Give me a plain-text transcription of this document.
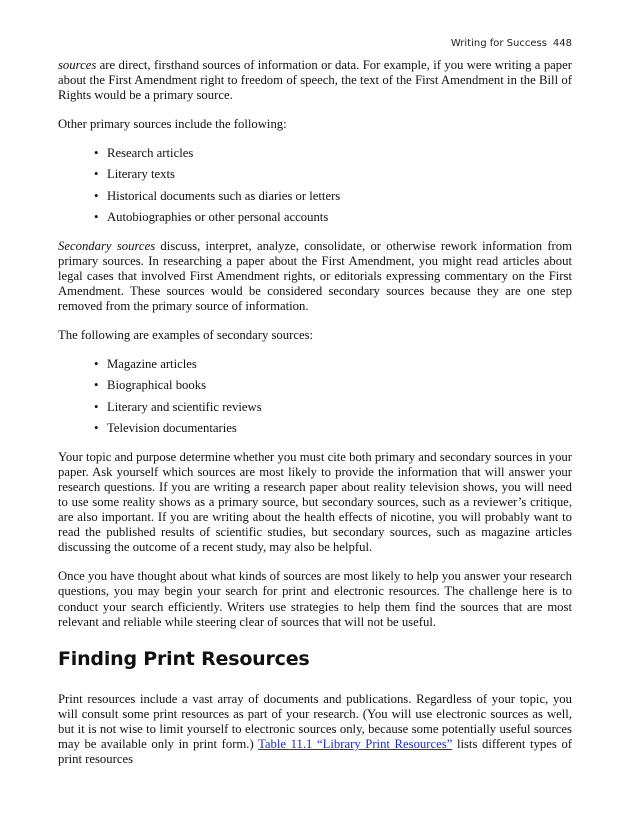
Writing for Success 448

sources are direct, firsthand sources of information or data. For example, if you were writing a paper about the First Amendment right to freedom of speech, the text of the First Amendment in the Bill of Rights would be a primary source.

Other primary sources include the following:

• Research articles
• Literary texts
• Historical documents such as diaries or letters
• Autobiographies or other personal accounts

Secondary sources discuss, interpret, analyze, consolidate, or otherwise rework information from primary sources. In researching a paper about the First Amendment, you might read articles about legal cases that involved First Amendment rights, or editorials expressing commentary on the First Amendment. These sources would be considered secondary sources because they are one step removed from the primary source of information.

The following are examples of secondary sources:

• Magazine articles
• Biographical books
• Literary and scientific reviews
• Television documentaries

Your topic and purpose determine whether you must cite both primary and secondary sources in your paper. Ask yourself which sources are most likely to provide the information that will answer your research questions. If you are writing a research paper about reality television shows, you will need to use some reality shows as a primary source, but secondary sources, such as a reviewer’s critique, are also important. If you are writing about the health effects of nicotine, you will probably want to read the published results of scientific studies, but secondary sources, such as magazine articles discussing the outcome of a recent study, may also be helpful.

Once you have thought about what kinds of sources are most likely to help you answer your research questions, you may begin your search for print and electronic resources. The challenge here is to conduct your search efficiently. Writers use strategies to help them find the sources that are most relevant and reliable while steering clear of sources that will not be useful.

Finding Print Resources

Print resources include a vast array of documents and publications. Regardless of your topic, you will consult some print resources as part of your research. (You will use electronic sources as well, but it is not wise to limit yourself to electronic sources only, because some potentially useful sources may be available only in print form.) Table 11.1 “Library Print Resources” lists different types of print resources
